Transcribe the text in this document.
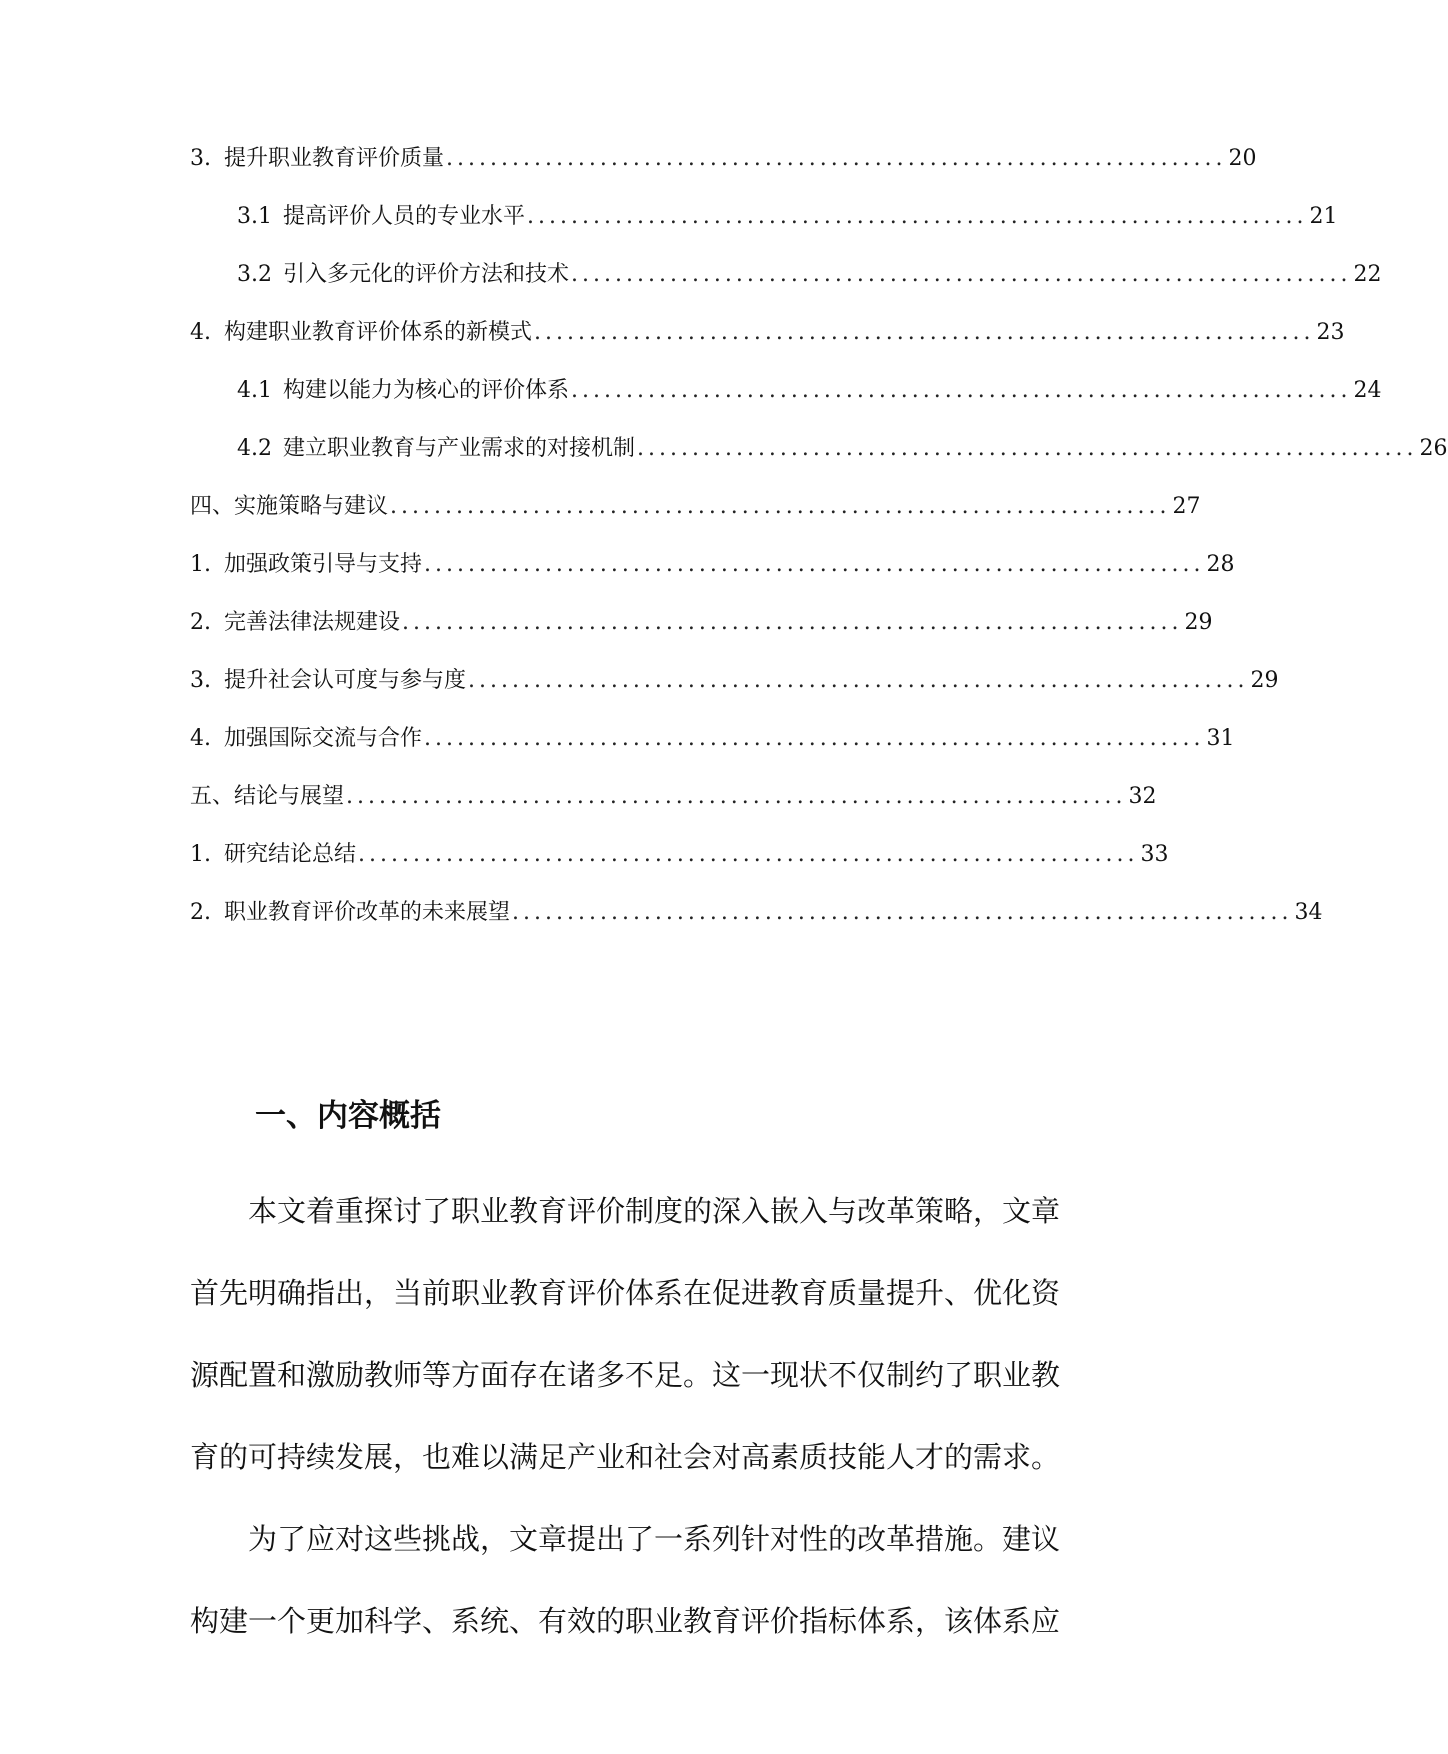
3. 提升职业教育评价质量 ....................................................................... 20
3.1 提高评价人员的专业水平 ....................................................................... 21
3.2 引入多元化的评价方法和技术 ....................................................................... 22
4. 构建职业教育评价体系的新模式 ....................................................................... 23
4.1 构建以能力为核心的评价体系 ....................................................................... 24
4.2 建立职业教育与产业需求的对接机制 ....................................................................... 26
四、实施策略与建议 ....................................................................... 27
1. 加强政策引导与支持 ....................................................................... 28
2. 完善法律法规建设 ....................................................................... 29
3. 提升社会认可度与参与度 ....................................................................... 29
4. 加强国际交流与合作 ....................................................................... 31
五、结论与展望 ....................................................................... 32
1. 研究结论总结 ....................................................................... 33
2. 职业教育评价改革的未来展望 ....................................................................... 34
一、内容概括

本文着重探讨了职业教育评价制度的深入嵌入与改革策略，文章首先明确指出，当前职业教育评价体系在促进教育质量提升、优化资源配置和激励教师等方面存在诸多不足。这一现状不仅制约了职业教育的可持续发展，也难以满足产业和社会对高素质技能人才的需求。

为了应对这些挑战，文章提出了一系列针对性的改革措施。建议构建一个更加科学、系统、有效的职业教育评价指标体系，该体系应
